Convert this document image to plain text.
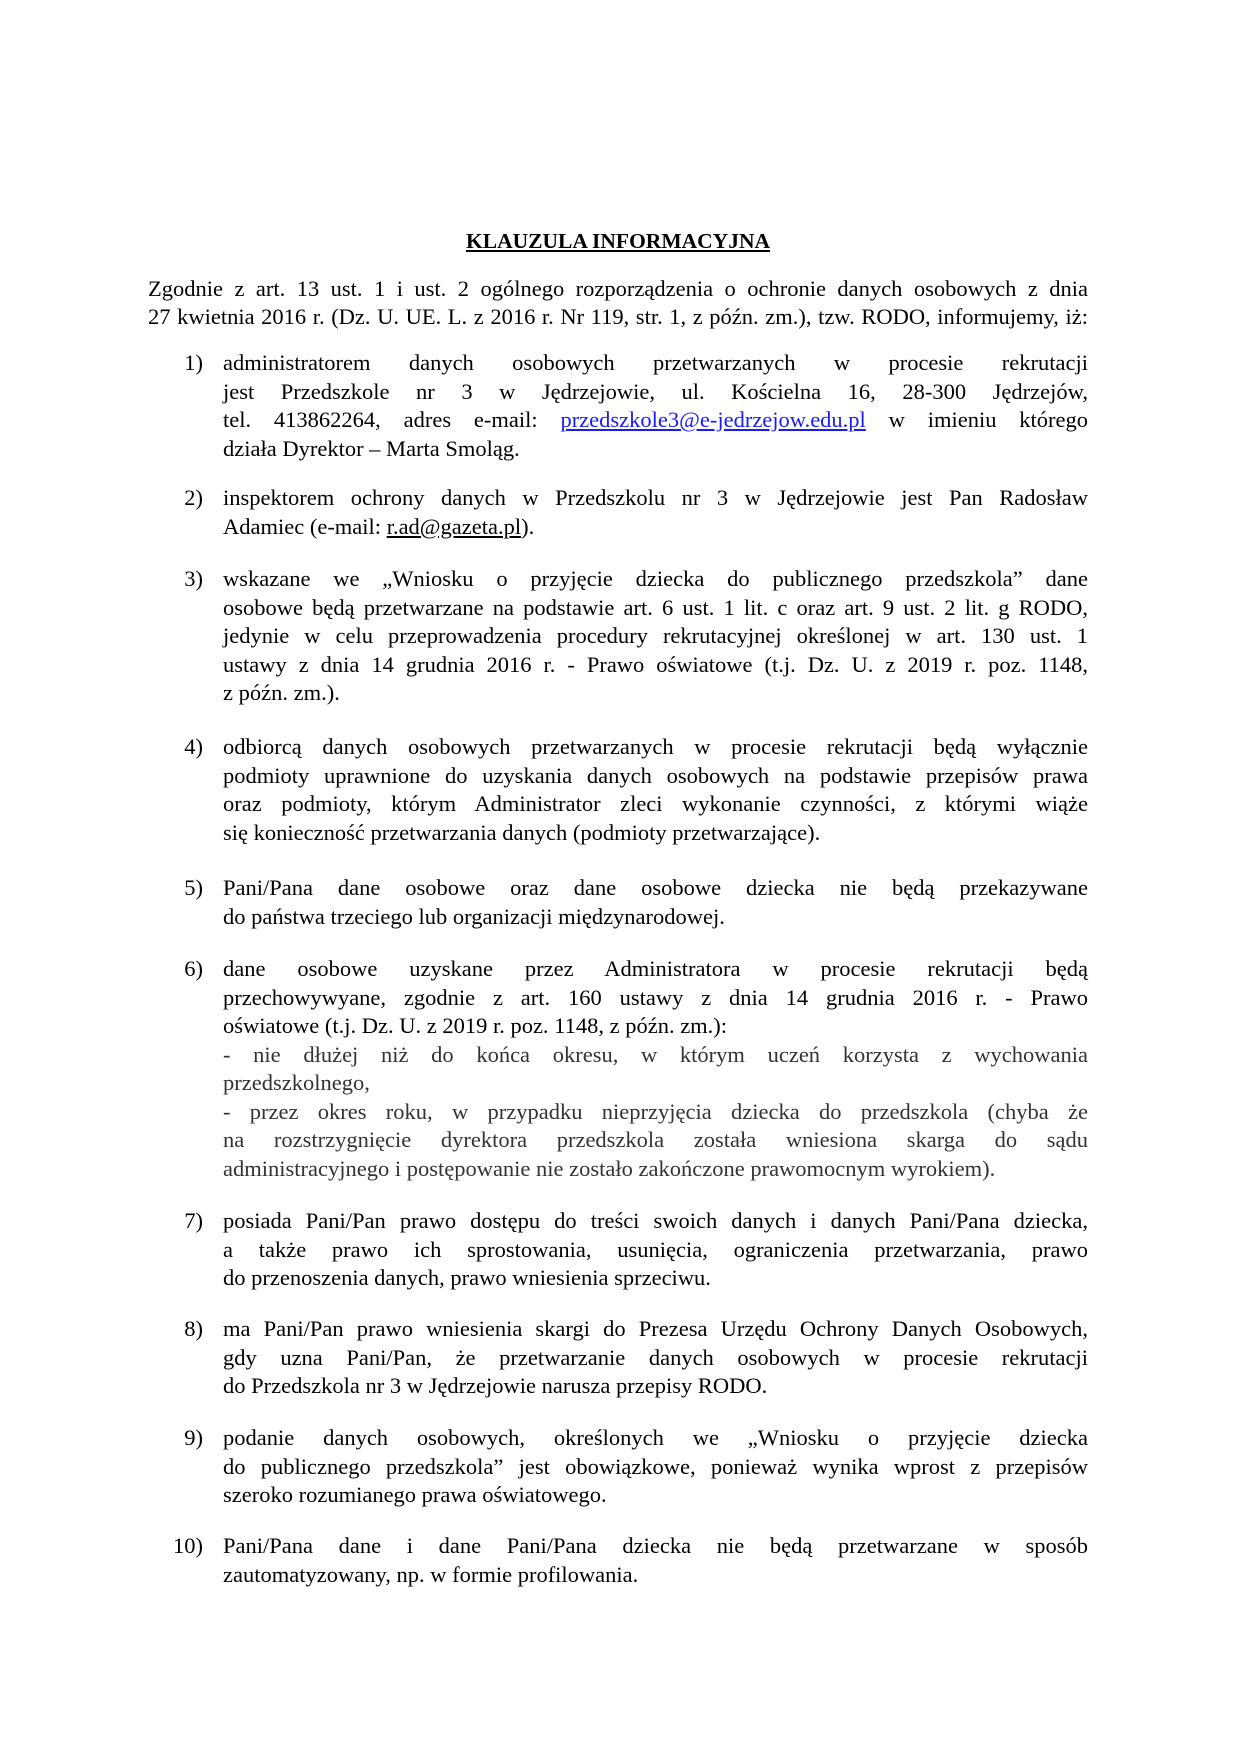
KLAUZULA INFORMACYJNA
Zgodnie z art. 13 ust. 1 i ust. 2 ogólnego rozporządzenia o ochronie danych osobowych z dnia
27 kwietnia 2016 r. (Dz. U. UE. L. z 2016 r. Nr 119, str. 1, z późn. zm.), tzw. RODO, informujemy, iż:
1) administratorem danych osobowych przetwarzanych w procesie rekrutacji
jest Przedszkole nr 3 w Jędrzejowie, ul. Kościelna 16, 28-300 Jędrzejów,
tel. 413862264, adres e-mail: przedszkole3@e-jedrzejow.edu.pl w imieniu którego
działa Dyrektor – Marta Smoląg.
2) inspektorem ochrony danych w Przedszkolu nr 3 w Jędrzejowie jest Pan Radosław
Adamiec (e-mail: r.ad@gazeta.pl).
3) wskazane we „Wniosku o przyjęcie dziecka do publicznego przedszkola” dane
osobowe będą przetwarzane na podstawie art. 6 ust. 1 lit. c oraz art. 9 ust. 2 lit. g RODO,
jedynie w celu przeprowadzenia procedury rekrutacyjnej określonej w art. 130 ust. 1
ustawy z dnia 14 grudnia 2016 r. - Prawo oświatowe (t.j. Dz. U. z 2019 r. poz. 1148,
z późn. zm.).
4) odbiorcą danych osobowych przetwarzanych w procesie rekrutacji będą wyłącznie
podmioty uprawnione do uzyskania danych osobowych na podstawie przepisów prawa
oraz podmioty, którym Administrator zleci wykonanie czynności, z którymi wiąże
się konieczność przetwarzania danych (podmioty przetwarzające).
5) Pani/Pana dane osobowe oraz dane osobowe dziecka nie będą przekazywane
do państwa trzeciego lub organizacji międzynarodowej.
6) dane osobowe uzyskane przez Administratora w procesie rekrutacji będą
przechowywyane, zgodnie z art. 160 ustawy z dnia 14 grudnia 2016 r. - Prawo
oświatowe (t.j. Dz. U. z 2019 r. poz. 1148, z późn. zm.):
- nie dłużej niż do końca okresu, w którym uczeń korzysta z wychowania
przedszkolnego,
- przez okres roku, w przypadku nieprzyjęcia dziecka do przedszkola (chyba że
na rozstrzygnięcie dyrektora przedszkola została wniesiona skarga do sądu
administracyjnego i postępowanie nie zostało zakończone prawomocnym wyrokiem).
7) posiada Pani/Pan prawo dostępu do treści swoich danych i danych Pani/Pana dziecka,
a także prawo ich sprostowania, usunięcia, ograniczenia przetwarzania, prawo
do przenoszenia danych, prawo wniesienia sprzeciwu.
8) ma Pani/Pan prawo wniesienia skargi do Prezesa Urzędu Ochrony Danych Osobowych,
gdy uzna Pani/Pan, że przetwarzanie danych osobowych w procesie rekrutacji
do Przedszkola nr 3 w Jędrzejowie narusza przepisy RODO.
9) podanie danych osobowych, określonych we „Wniosku o przyjęcie dziecka
do publicznego przedszkola” jest obowiązkowe, ponieważ wynika wprost z przepisów
szeroko rozumianego prawa oświatowego.
10) Pani/Pana dane i dane Pani/Pana dziecka nie będą przetwarzane w sposób
zautomatyzowany, np. w formie profilowania.
